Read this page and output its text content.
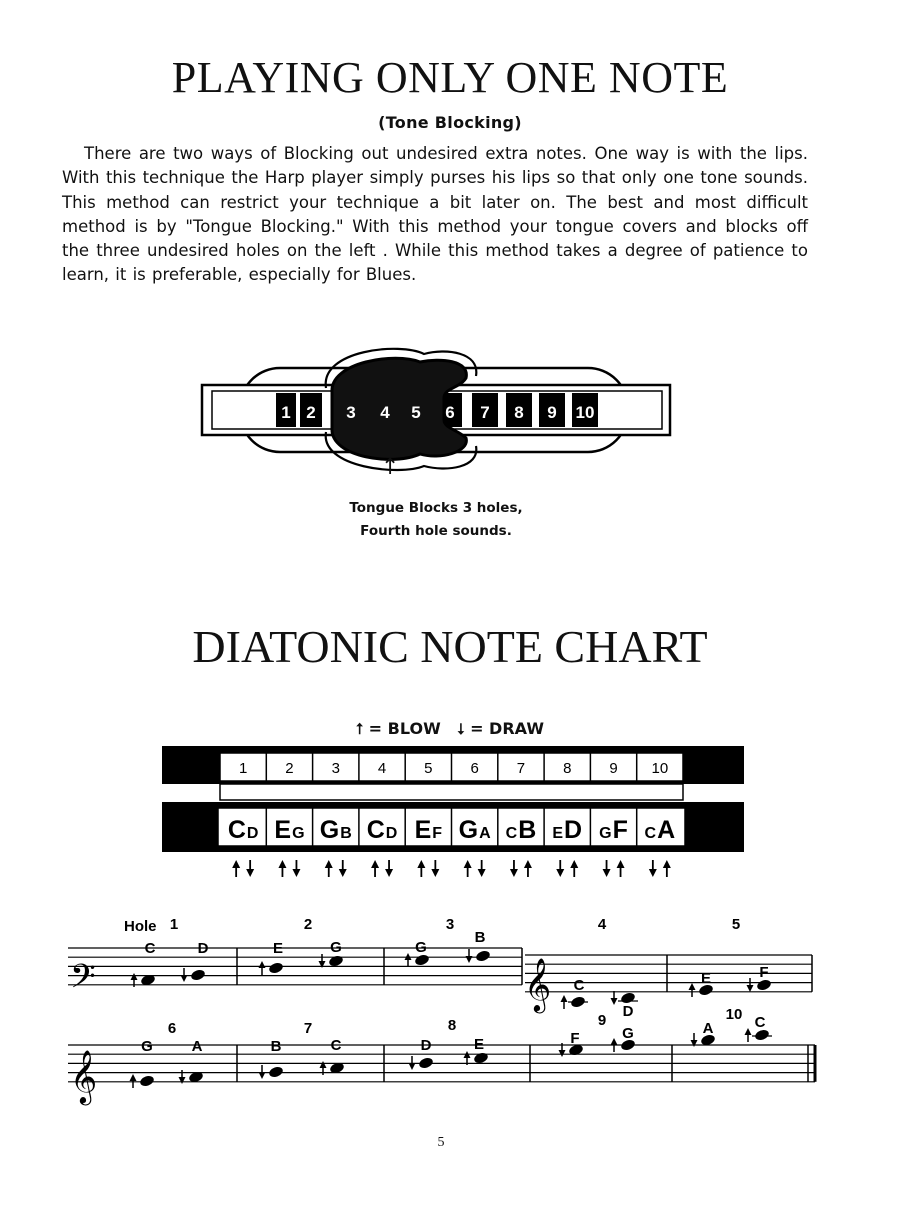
PLAYING ONLY ONE NOTE
(Tone Blocking)
There are two ways of Blocking out undesired extra notes. One way is with the lips. With this technique the Harp player simply purses his lips so that only one tone sounds. This method can restrict your technique a bit later on. The best and most difficult method is by "Tongue Blocking." With this method your tongue covers and blocks off the three undesired holes on the left . While this method takes a degree of patience to learn, it is preferable, especially for Blues.
1 2	6 7 8 9 10
3 4 5
1	2	3	4	5	6	7	8	9 10
CD EG GB CD EF GA CB ED GF CA
𝄢	𝄞
Hole 1	2	3	4	5
C	D	E	G	G
B
C
D
E	F
𝄞
6	7	8	9	10
G	A	B	C	D	E	F	G	A	C
Tongue Blocks 3 holes,
Fourth hole sounds.
↑
DIATONIC NOTE CHART
⭡ = BLOW ⭣ = DRAW
5
